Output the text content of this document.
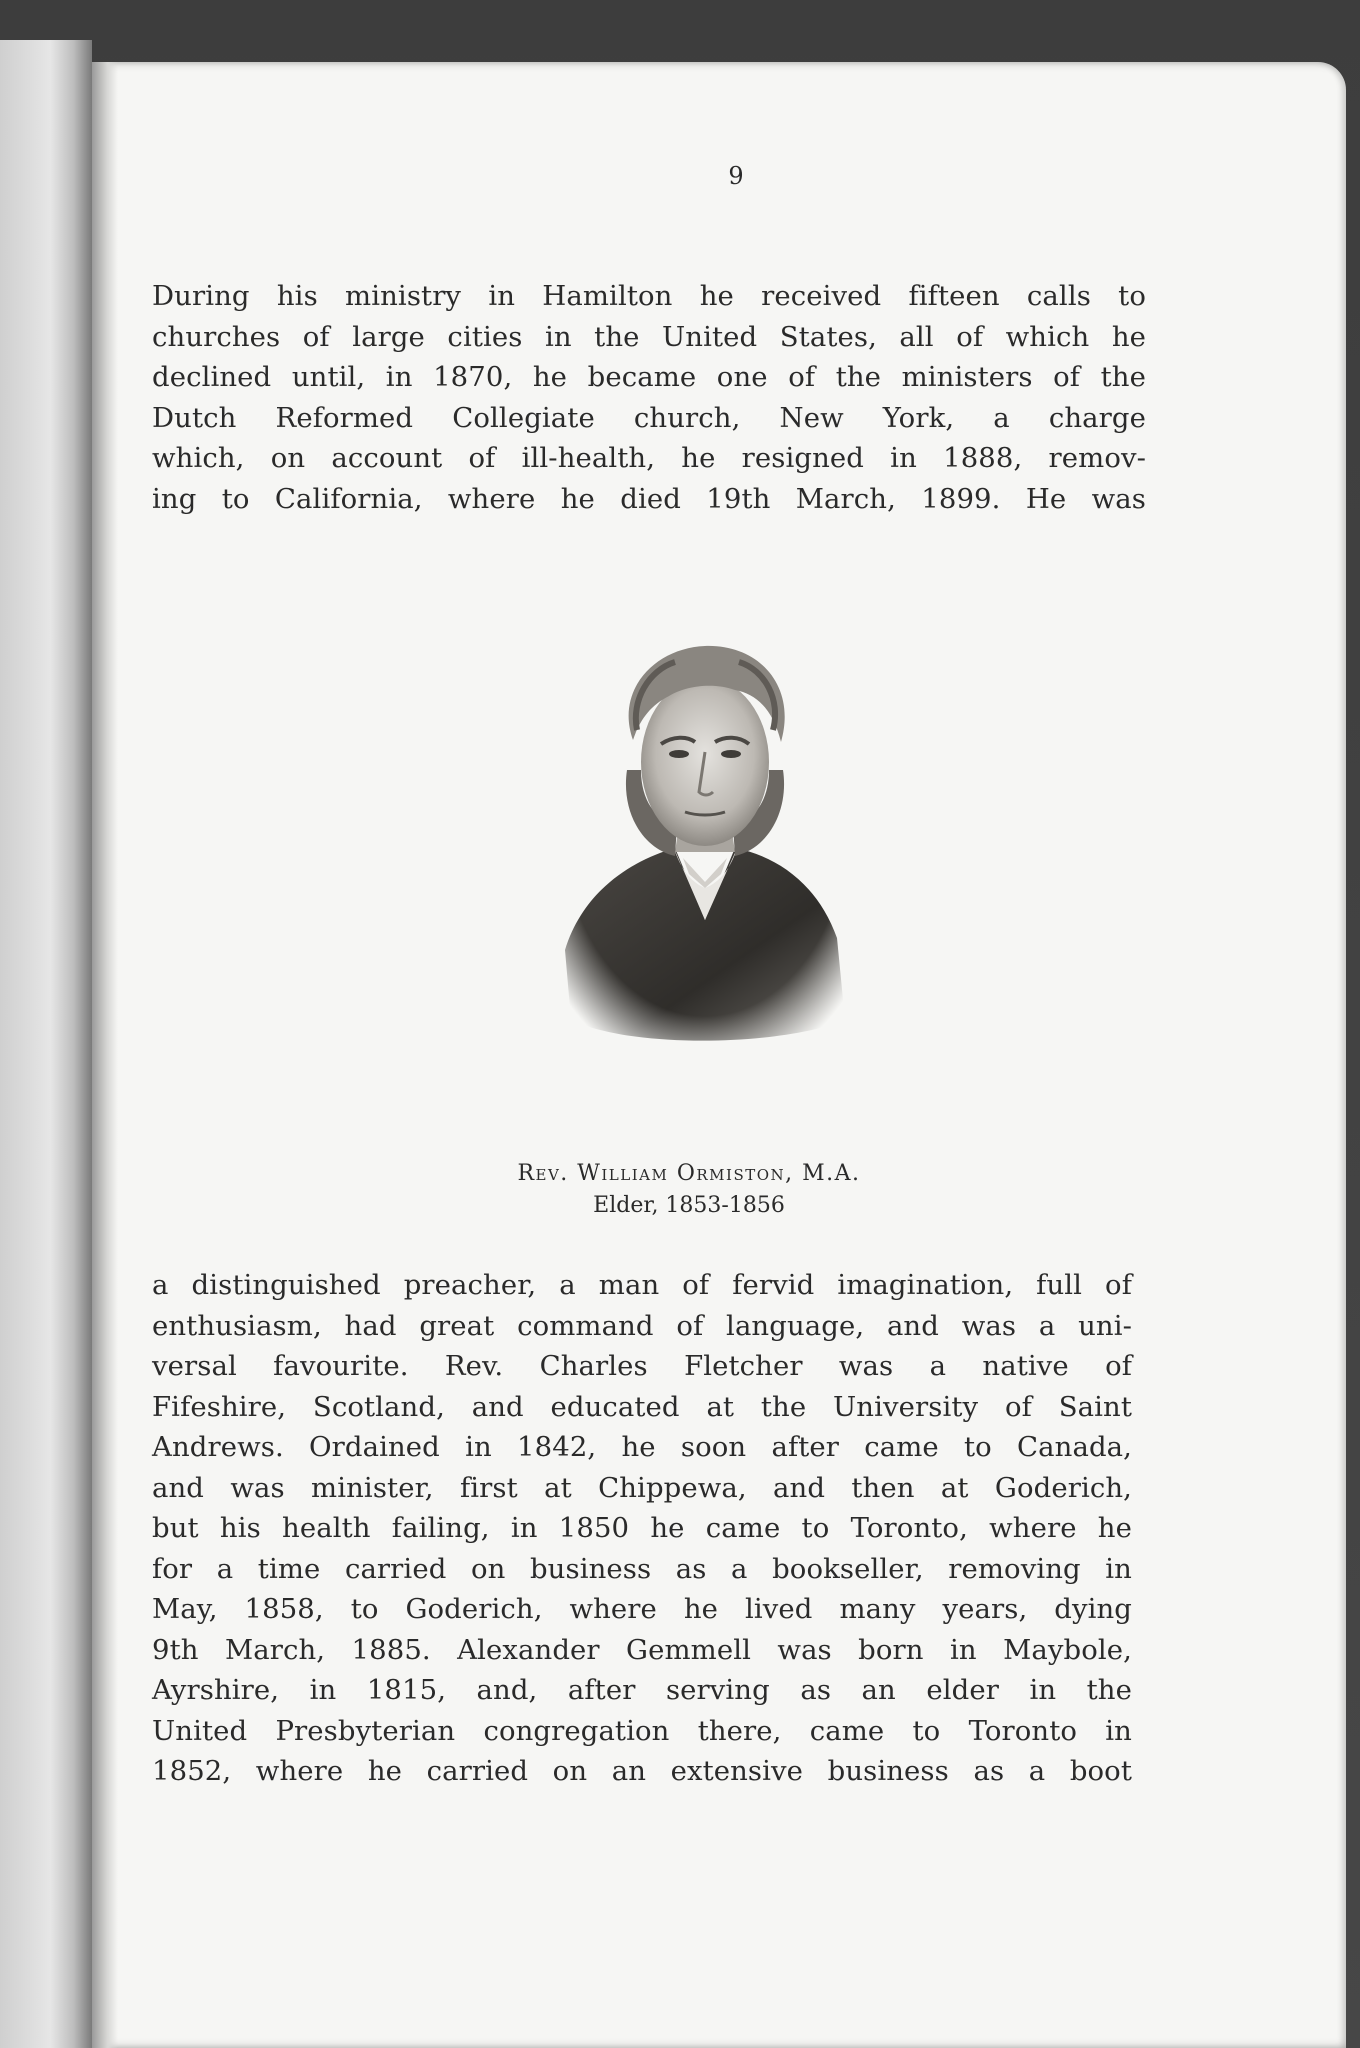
9

During his ministry in Hamilton he received fifteen calls to
churches of large cities in the United States, all of which he
declined until, in 1870, he became one of the ministers of the
Dutch Reformed Collegiate church, New York, a charge
which, on account of ill-health, he resigned in 1888, remov-
ing to California, where he died 19th March, 1899. He was

Rev. William Ormiston, M.A.
Elder, 1853-1856

a distinguished preacher, a man of fervid imagination, full of
enthusiasm, had great command of language, and was a uni-
versal favourite. Rev. Charles Fletcher was a native of
Fifeshire, Scotland, and educated at the University of Saint
Andrews. Ordained in 1842, he soon after came to Canada,
and was minister, first at Chippewa, and then at Goderich,
but his health failing, in 1850 he came to Toronto, where he
for a time carried on business as a bookseller, removing in
May, 1858, to Goderich, where he lived many years, dying
9th March, 1885. Alexander Gemmell was born in Maybole,
Ayrshire, in 1815, and, after serving as an elder in the
United Presbyterian congregation there, came to Toronto in
1852, where he carried on an extensive business as a boot
